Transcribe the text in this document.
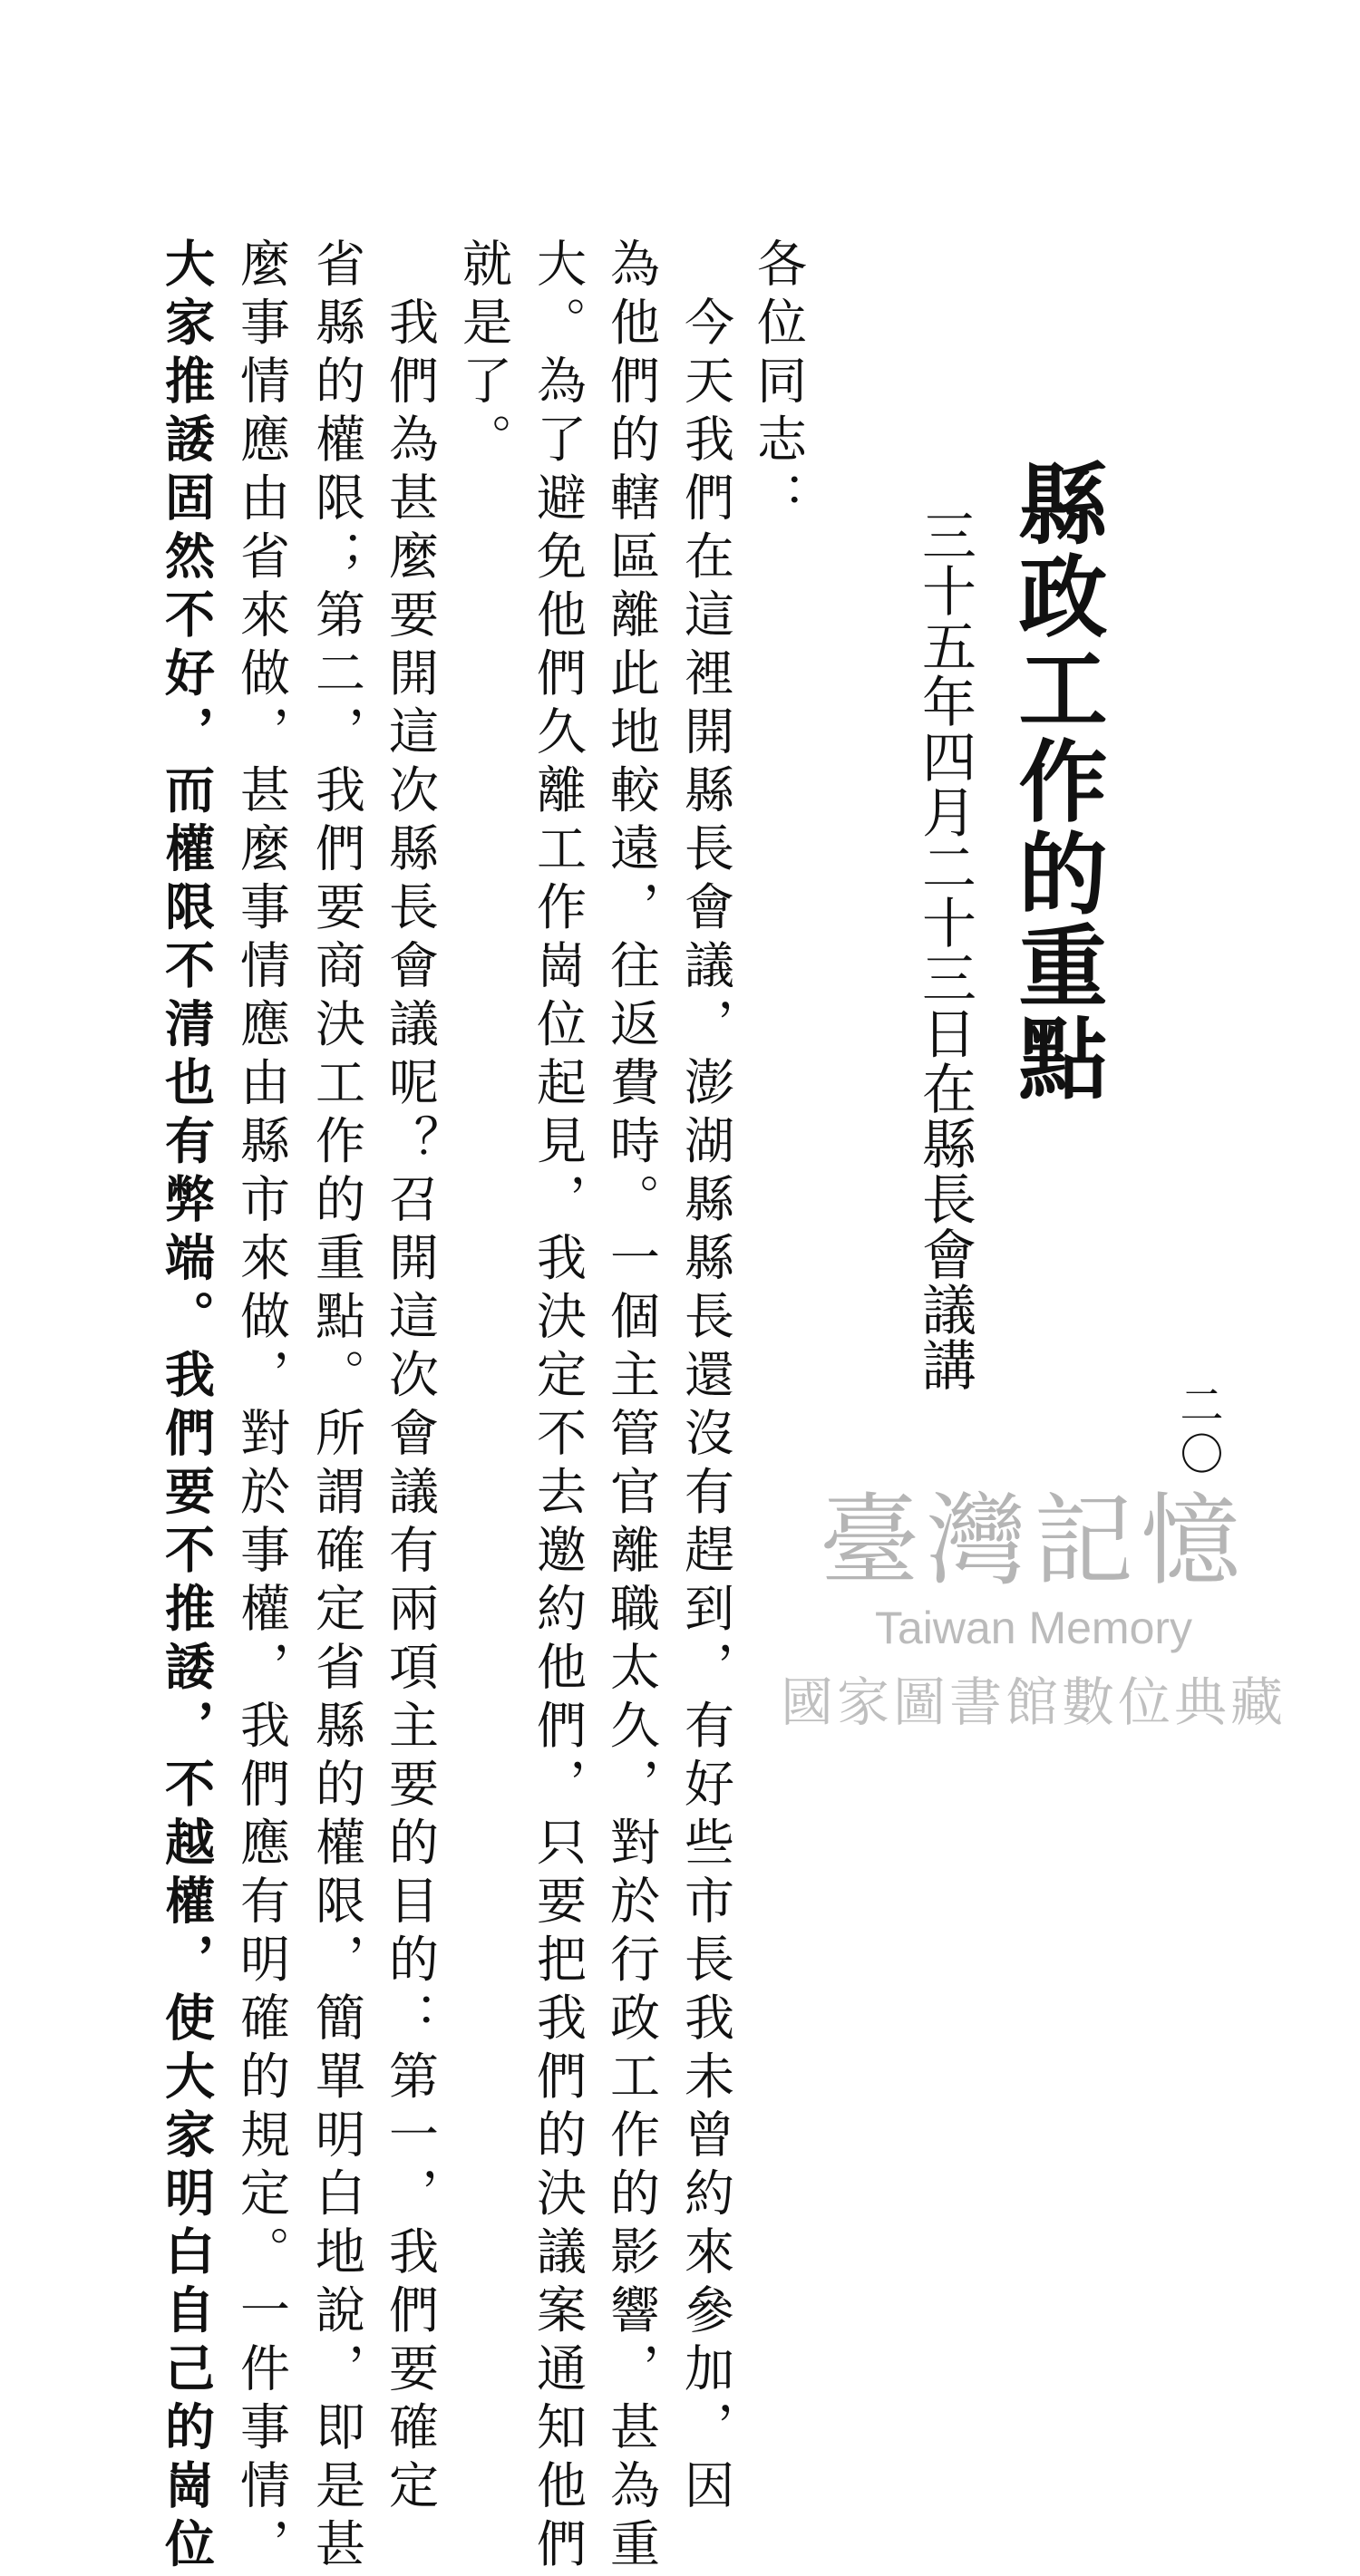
縣政工作的重點
三十五年四月二十三日在縣長會議講
二〇
各位同志：
　今天我們在這裡開縣長會議，澎湖縣縣長還沒有趕到，有好些市長我未曾約來參加，因
為他們的轄區離此地較遠，往返費時。一個主管官離職太久，對於行政工作的影響，甚為重
大。為了避免他們久離工作崗位起見，我決定不去邀約他們，只要把我們的決議案通知他們
就是了。
　我們為甚麼要開這次縣長會議呢？召開這次會議有兩項主要的目的：第一，我們要確定
省縣的權限；第二，我們要商決工作的重點。所謂確定省縣的權限，簡單明白地說，即是甚
麼事情應由省來做，甚麼事情應由縣市來做，對於事權，我們應有明確的規定。一件事情，
大家推諉固然不好，而權限不清也有弊端。我們要不推諉，不越權，使大家明白自己的崗位	臺灣記憶
Taiwan Memory
國家圖書館數位典藏
